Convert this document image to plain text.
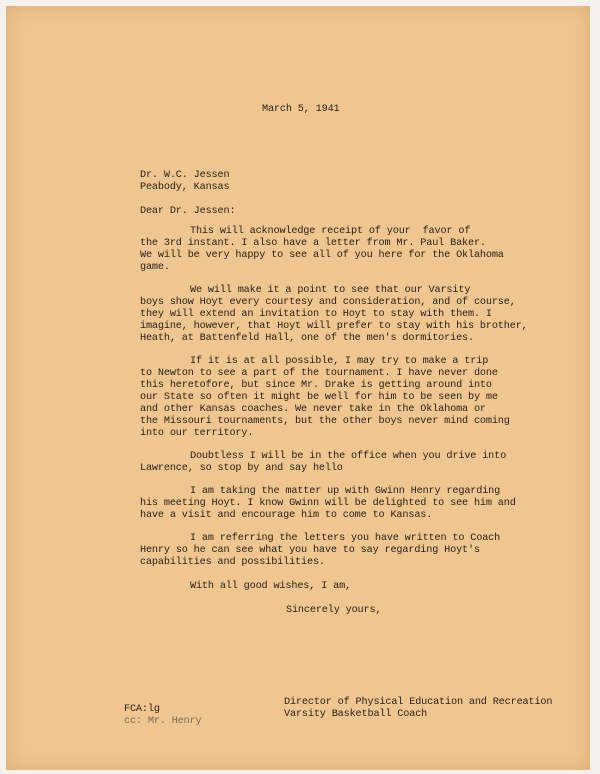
March 5, 1941
Dr. W.C. Jessen
Peabody, Kansas
Dear Dr. Jessen:
This will acknowledge receipt of your  favor of
the 3rd instant. I also have a letter from Mr. Paul Baker.
We will be very happy to see all of you here for the Oklahoma
game.
We will make it a point to see that our Varsity
boys show Hoyt every courtesy and consideration, and of course,
they will extend an invitation to Hoyt to stay with them. I
imagine, however, that Hoyt will prefer to stay with his brother,
Heath, at Battenfeld Hall, one of the men's dormitories.
If it is at all possible, I may try to make a trip
to Newton to see a part of the tournament. I have never done
this heretofore, but since Mr. Drake is getting around into
our State so often it might be well for him to be seen by me
and other Kansas coaches. We never take in the Oklahoma or
the Missouri tournaments, but the other boys never mind coming
into our territory.
Doubtless I will be in the office when you drive into
Lawrence, so stop by and say hello
I am taking the matter up with Gwinn Henry regarding
his meeting Hoyt. I know Gwinn will be delighted to see him and
have a visit and encourage him to come to Kansas.
I am referring the letters you have written to Coach
Henry so he can see what you have to say regarding Hoyt's
capabilities and possibilities.
With all good wishes, I am,
Sincerely yours,
Director of Physical Education and Recreation
Varsity Basketball Coach
FCA:lg
cc: Mr. Henry
